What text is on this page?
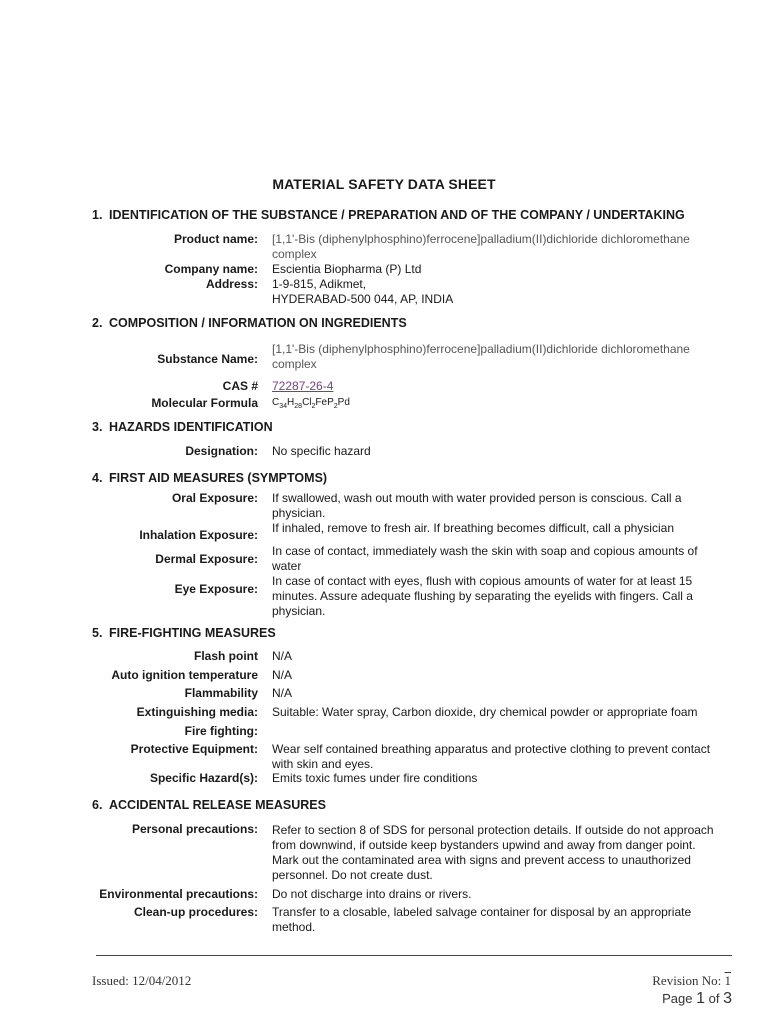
MATERIAL SAFETY DATA SHEET
1. IDENTIFICATION OF THE SUBSTANCE / PREPARATION AND OF THE COMPANY / UNDERTAKING
Product name: [1,1'-Bis (diphenylphosphino)ferrocene]palladium(II)dichloride dichloromethane complex
Company name: Escientia Biopharma (P) Ltd
Address: 1-9-815, Adikmet,
HYDERABAD-500 044, AP, INDIA
2. COMPOSITION / INFORMATION ON INGREDIENTS
Substance Name:
[1,1'-Bis (diphenylphosphino)ferrocene]palladium(II)dichloride dichloromethane complex
CAS # 72287-26-4
Molecular Formula $C_{34}H_{28}Cl_2FeP_2Pd$
3. HAZARDS IDENTIFICATION
Designation: No specific hazard
4. FIRST AID MEASURES (SYMPTOMS)
Oral Exposure: If swallowed, wash out mouth with water provided person is conscious. Call a physician.
Inhalation Exposure: If inhaled, remove to fresh air. If breathing becomes difficult, call a physician
Dermal Exposure:
In case of contact, immediately wash the skin with soap and copious amounts of water
Eye Exposure:
In case of contact with eyes, flush with copious amounts of water for at least 15 minutes. Assure adequate flushing by separating the eyelids with fingers. Call a physician.
5. FIRE-FIGHTING MEASURES
Flash point N/A
Auto ignition temperature N/A
Flammability N/A
Extinguishing media: Suitable: Water spray, Carbon dioxide, dry chemical powder or appropriate foam
Fire fighting:
Protective Equipment: Wear self contained breathing apparatus and protective clothing to prevent contact with skin and eyes.
Specific Hazard(s): Emits toxic fumes under fire conditions
6. ACCIDENTAL RELEASE MEASURES
Personal precautions: Refer to section 8 of SDS for personal protection details. If outside do not approach from downwind, if outside keep bystanders upwind and away from danger point. Mark out the contaminated area with signs and prevent access to unauthorized personnel. Do not create dust.
Environmental precautions: Do not discharge into drains or rivers.
Clean-up procedures: Transfer to a closable, labeled salvage container for disposal by an appropriate method.
Issued: 12/04/2012	Revision No: 1
Page 1 of 3
